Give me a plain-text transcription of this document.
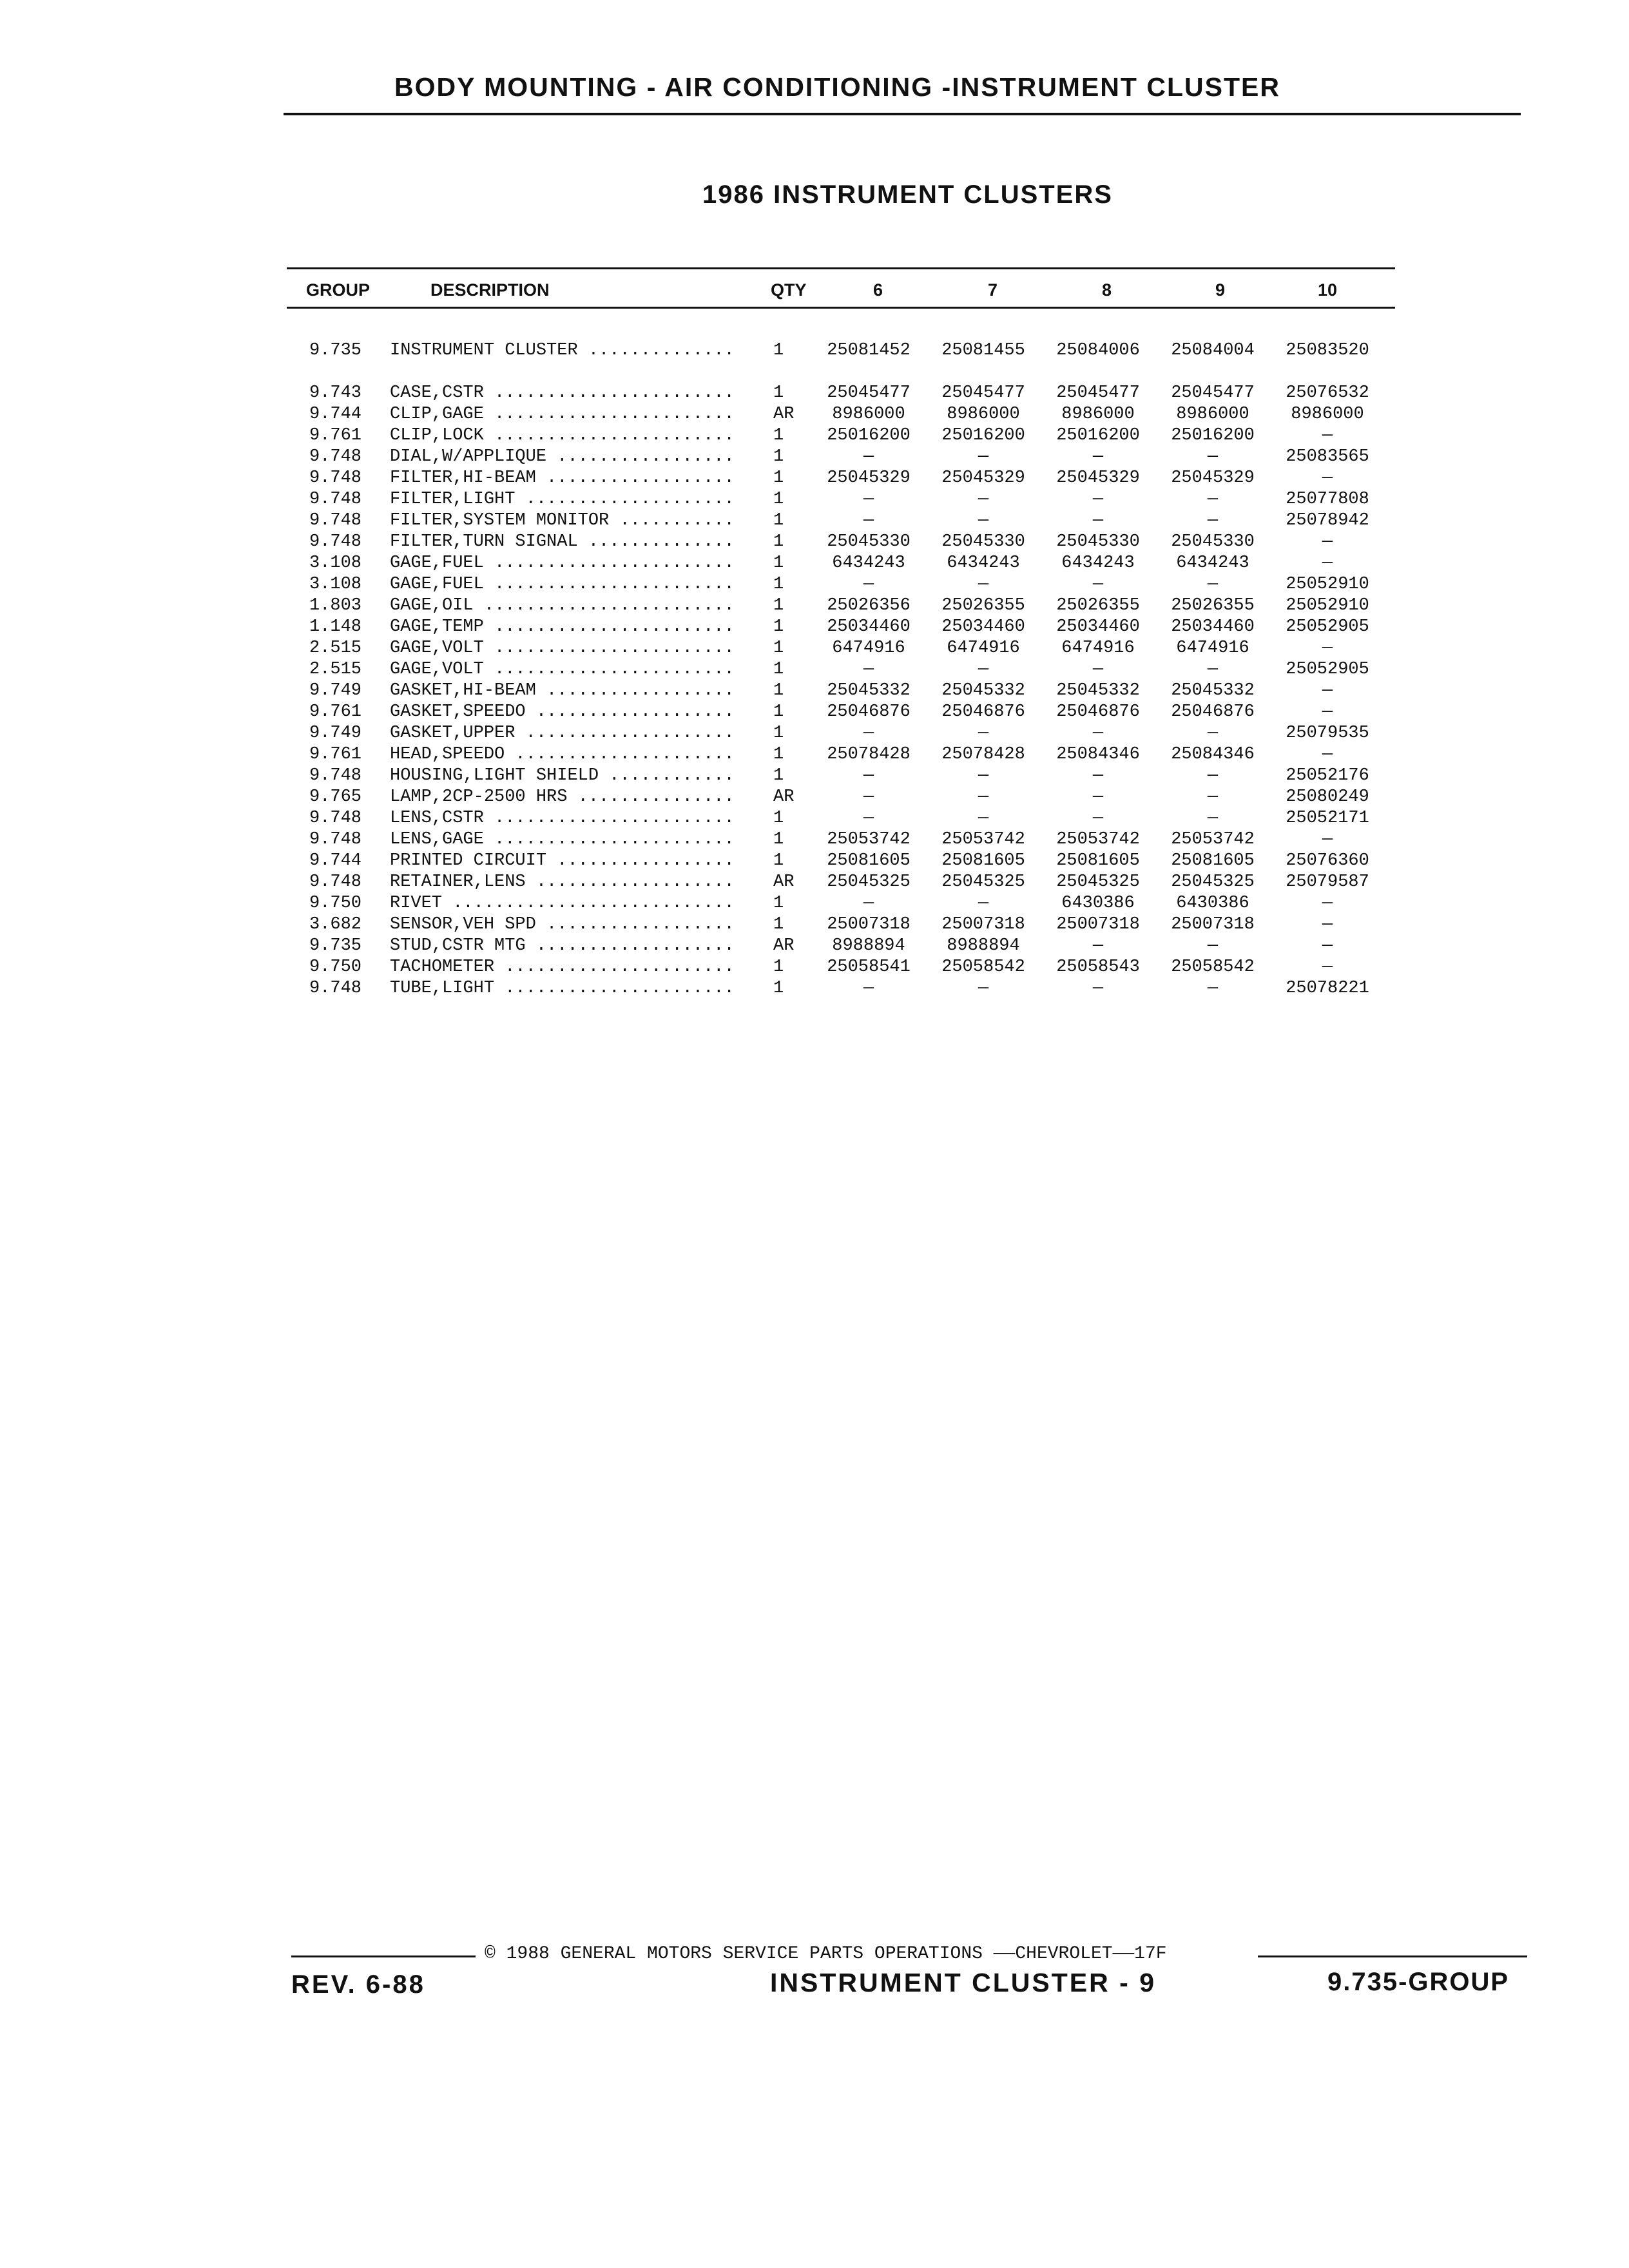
BODY MOUNTING - AIR CONDITIONING -INSTRUMENT CLUSTER
1986 INSTRUMENT CLUSTERS
GROUP	DESCRIPTION	QTY	6	7	8	9	10
9.735	INSTRUMENT CLUSTER ..............	1	25081452	25081455	25084006	25084004	25083520
9.743	CASE,CSTR .......................	1	25045477	25045477	25045477	25045477	25076532
9.744	CLIP,GAGE .......................	AR	8986000	8986000	8986000	8986000	8986000
9.761	CLIP,LOCK .......................	1	25016200	25016200	25016200	25016200	—
9.748	DIAL,W/APPLIQUE .................	1	—	—	—	—	25083565
9.748	FILTER,HI-BEAM ..................	1	25045329	25045329	25045329	25045329	—
9.748	FILTER,LIGHT ....................	1	—	—	—	—	25077808
9.748	FILTER,SYSTEM MONITOR ...........	1	—	—	—	—	25078942
9.748	FILTER,TURN SIGNAL ..............	1	25045330	25045330	25045330	25045330	—
3.108	GAGE,FUEL .......................	1	6434243	6434243	6434243	6434243	—
3.108	GAGE,FUEL .......................	1	—	—	—	—	25052910
1.803	GAGE,OIL ........................	1	25026356	25026355	25026355	25026355	25052910
1.148	GAGE,TEMP .......................	1	25034460	25034460	25034460	25034460	25052905
2.515	GAGE,VOLT .......................	1	6474916	6474916	6474916	6474916	—
2.515	GAGE,VOLT .......................	1	—	—	—	—	25052905
9.749	GASKET,HI-BEAM ..................	1	25045332	25045332	25045332	25045332	—
9.761	GASKET,SPEEDO ...................	1	25046876	25046876	25046876	25046876	—
9.749	GASKET,UPPER ....................	1	—	—	—	—	25079535
9.761	HEAD,SPEEDO .....................	1	25078428	25078428	25084346	25084346	—
9.748	HOUSING,LIGHT SHIELD ............	1	—	—	—	—	25052176
9.765	LAMP,2CP-2500 HRS ...............	AR	—	—	—	—	25080249
9.748	LENS,CSTR .......................	1	—	—	—	—	25052171
9.748	LENS,GAGE .......................	1	25053742	25053742	25053742	25053742	—
9.744	PRINTED CIRCUIT .................	1	25081605	25081605	25081605	25081605	25076360
9.748	RETAINER,LENS ...................	AR	25045325	25045325	25045325	25045325	25079587
9.750	RIVET ...........................	1	—	—	6430386	6430386	—
3.682	SENSOR,VEH SPD ..................	1	25007318	25007318	25007318	25007318	—
9.735	STUD,CSTR MTG ...................	AR	8988894	8988894	—	—	—
9.750	TACHOMETER ......................	1	25058541	25058542	25058543	25058542	—
9.748	TUBE,LIGHT ......................	1	—	—	—	—	25078221
© 1988 GENERAL MOTORS SERVICE PARTS OPERATIONS ——CHEVROLET——17F
REV. 6-88	INSTRUMENT CLUSTER - 9	9.735-GROUP
